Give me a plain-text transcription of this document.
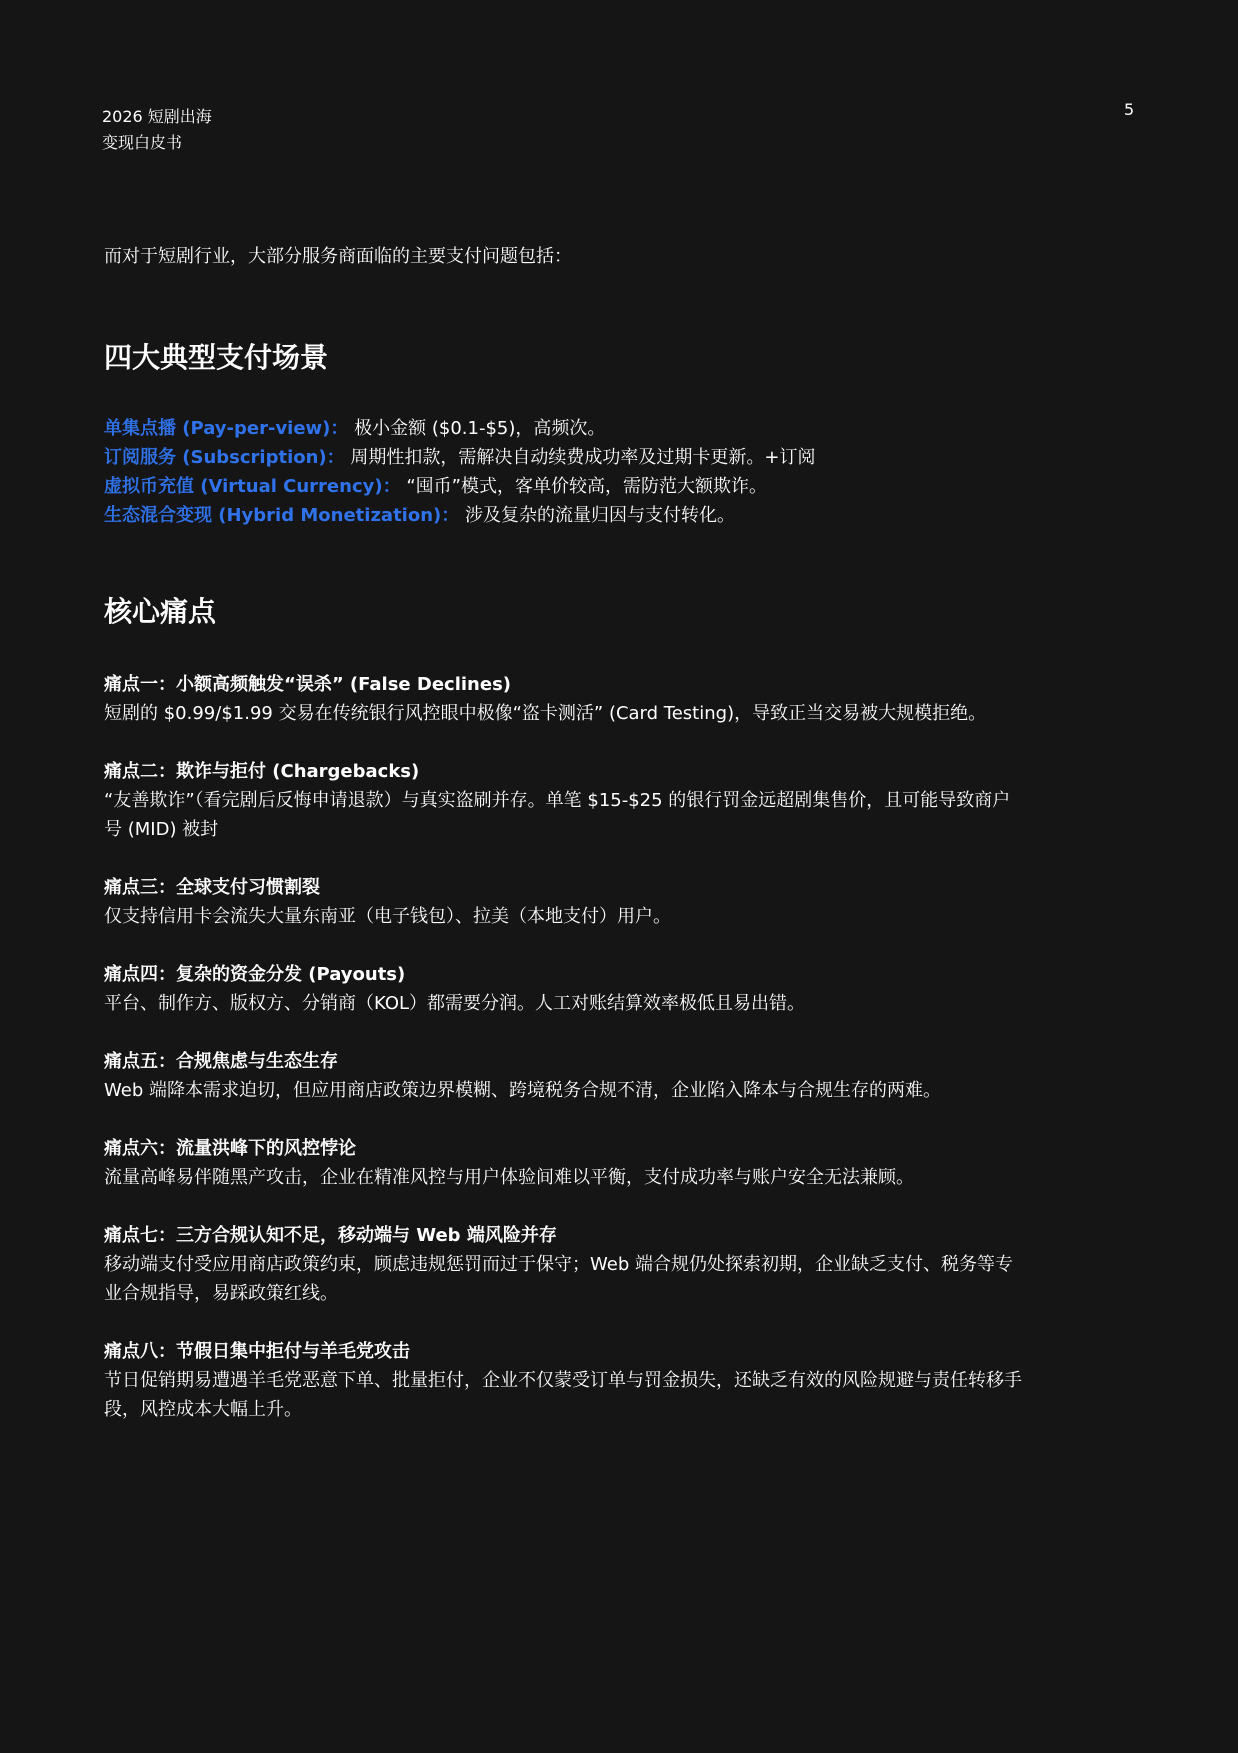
2026 短剧出海
变现白皮书
5

而对于短剧行业，大部分服务商面临的主要支付问题包括：

四大典型支付场景
单集点播 (Pay-per-view)： 极小金额 ($0.1-$5)，高频次。
订阅服务 (Subscription)： 周期性扣款，需解决自动续费成功率及过期卡更新。+订阅
虚拟币充值 (Virtual Currency)： “囤币”模式，客单价较高，需防范大额欺诈。
生态混合变现 (Hybrid Monetization)： 涉及复杂的流量归因与支付转化。
核心痛点
痛点一：小额高频触发“误杀” (False Declines)
短剧的 $0.99/$1.99 交易在传统银行风控眼中极像“盗卡测活” (Card Testing)，导致正当交易被大规模拒绝。
痛点二：欺诈与拒付 (Chargebacks)
“友善欺诈”（看完剧后反悔申请退款）与真实盗刷并存。单笔 $15-$25 的银行罚金远超剧集售价，且可能导致商户号 (MID) 被封
痛点三：全球支付习惯割裂
仅支持信用卡会流失大量东南亚（电子钱包）、拉美（本地支付）用户。
痛点四：复杂的资金分发 (Payouts)
平台、制作方、版权方、分销商（KOL）都需要分润。人工对账结算效率极低且易出错。
痛点五：合规焦虑与生态生存
Web 端降本需求迫切，但应用商店政策边界模糊、跨境税务合规不清，企业陷入降本与合规生存的两难。
痛点六：流量洪峰下的风控悖论
流量高峰易伴随黑产攻击，企业在精准风控与用户体验间难以平衡，支付成功率与账户安全无法兼顾。
痛点七：三方合规认知不足，移动端与 Web 端风险并存
移动端支付受应用商店政策约束，顾虑违规惩罚而过于保守；Web 端合规仍处探索初期，企业缺乏支付、税务等专业合规指导，易踩政策红线。
痛点八：节假日集中拒付与羊毛党攻击
节日促销期易遭遇羊毛党恶意下单、批量拒付，企业不仅蒙受订单与罚金损失，还缺乏有效的风险规避与责任转移手段，风控成本大幅上升。
